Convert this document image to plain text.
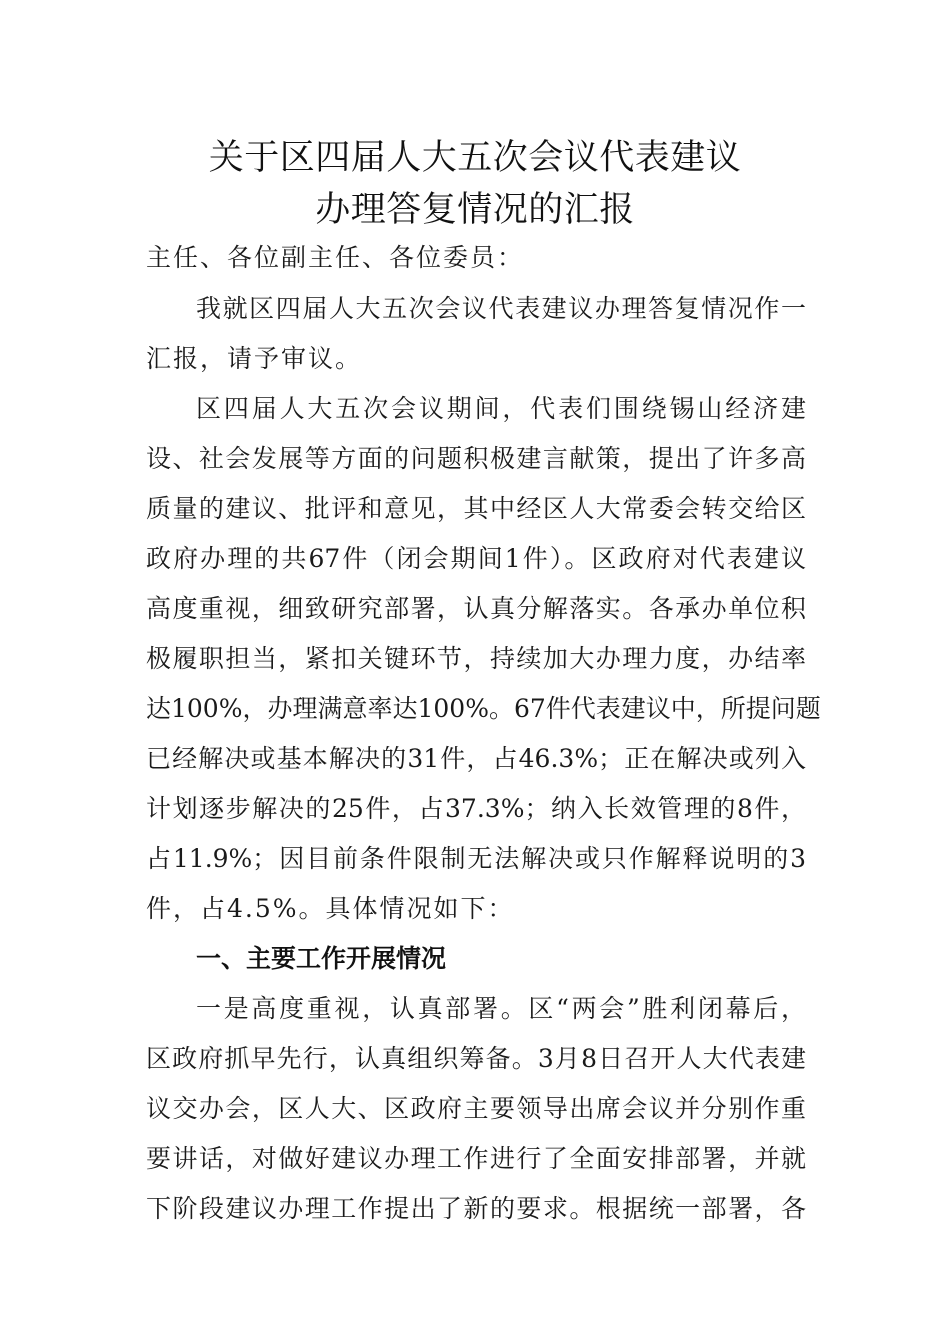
关于区四届人大五次会议代表建议
办理答复情况的汇报
主任、各位副主任、各位委员：
我就区四届人大五次会议代表建议办理答复情况作一
汇报，请予审议。
区四届人大五次会议期间，代表们围绕锡山经济建
设、社会发展等方面的问题积极建言献策，提出了许多高
质量的建议、批评和意见，其中经区人大常委会转交给区
政府办理的共67件（闭会期间1件）。区政府对代表建议
高度重视，细致研究部署，认真分解落实。各承办单位积
极履职担当，紧扣关键环节，持续加大办理力度，办结率
达100%，办理满意率达100%。67件代表建议中，所提问题
已经解决或基本解决的31件，占46.3%；正在解决或列入
计划逐步解决的25件，占37.3%；纳入长效管理的8件，
占11.9%；因目前条件限制无法解决或只作解释说明的3
件，占4.5%。具体情况如下：
一、主要工作开展情况
一是高度重视，认真部署。区“两会”胜利闭幕后，
区政府抓早先行，认真组织筹备。3月8日召开人大代表建
议交办会，区人大、区政府主要领导出席会议并分别作重
要讲话，对做好建议办理工作进行了全面安排部署，并就
下阶段建议办理工作提出了新的要求。根据统一部署，各
